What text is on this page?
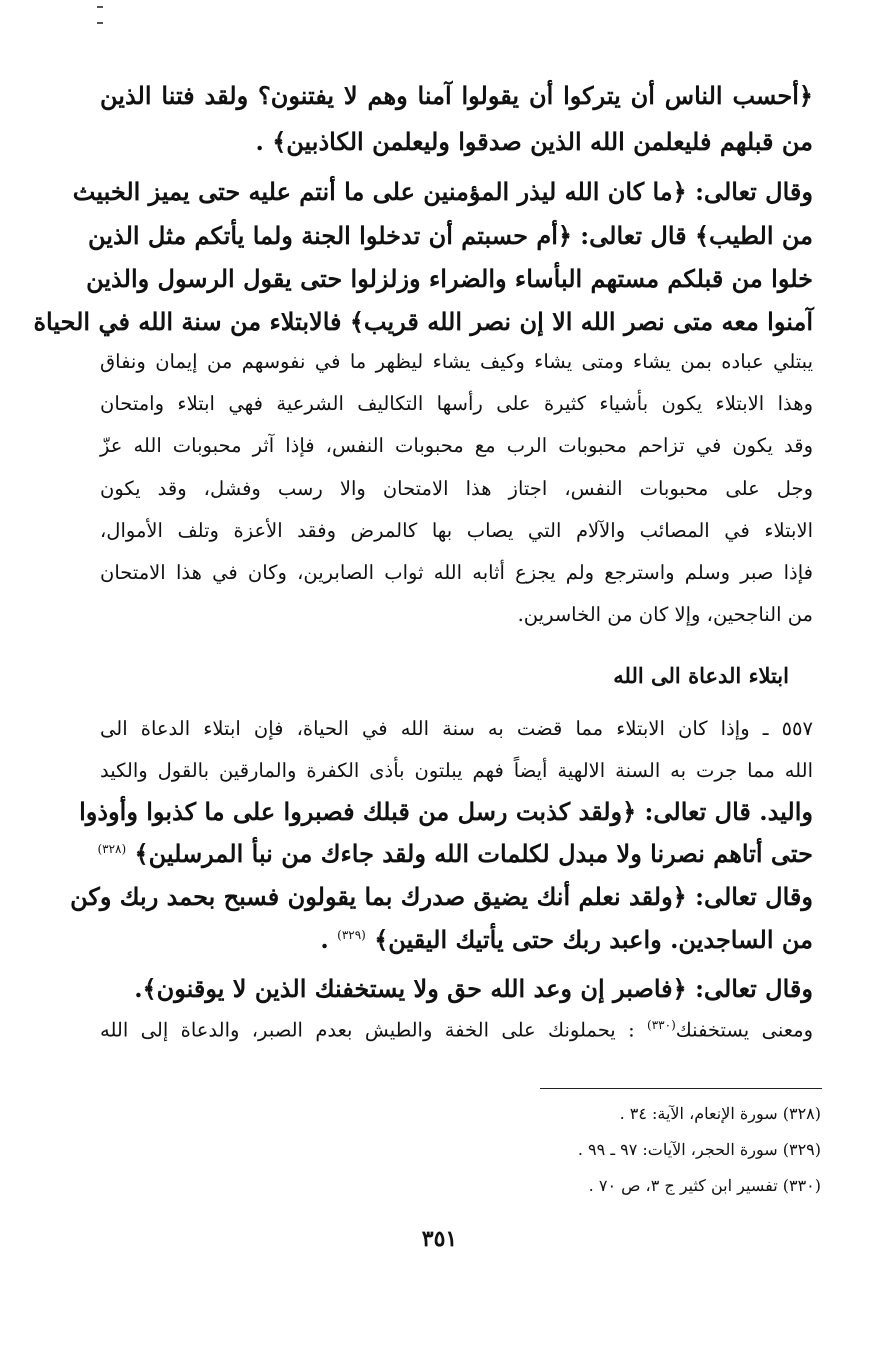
﴿أحسب الناس أن يتركوا أن يقولوا آمنا وهم لا يفتنون؟ ولقد فتنا الذين
من قبلهم فليعلمن الله الذين صدقوا وليعلمن الكاذبين﴾ .
وقال تعالى: ﴿ما كان الله ليذر المؤمنين على ما أنتم عليه حتى يميز الخبيث
من الطيب﴾ قال تعالى: ﴿أم حسبتم أن تدخلوا الجنة ولما يأتكم مثل الذين
خلوا من قبلكم مستهم البأساء والضراء وزلزلوا حتى يقول الرسول والذين
آمنوا معه متى نصر الله الا إن نصر الله قريب﴾ فالابتلاء من سنة الله في الحياة
يبتلي عباده بمن يشاء ومتى يشاء وكيف يشاء ليظهر ما في نفوسهم من إيمان ونفاق
وهذا الابتلاء يكون بأشياء كثيرة على رأسها التكاليف الشرعية فهي ابتلاء وامتحان
وقد يكون في تزاحم محبوبات الرب مع محبوبات النفس، فإذا آثر محبوبات الله عزّ
وجل على محبوبات النفس، اجتاز هذا الامتحان والا رسب وفشل، وقد يكون
الابتلاء في المصائب والآلام التي يصاب بها كالمرض وفقد الأعزة وتلف الأموال،
فإذا صبر وسلم واسترجع ولم يجزع أثابه الله ثواب الصابرين، وكان في هذا الامتحان
من الناجحين، وإلا كان من الخاسرين.
ابتلاء الدعاة الى الله
٥٥٧ ـ وإذا كان الابتلاء مما قضت به سنة الله في الحياة، فإن ابتلاء الدعاة الى
الله مما جرت به السنة الالهية أيضاً فهم يبلتون بأذى الكفرة والمارقين بالقول والكيد
واليد. قال تعالى: ﴿ولقد كذبت رسل من قبلك فصبروا على ما كذبوا وأوذوا
حتى أتاهم نصرنا ولا مبدل لكلمات الله ولقد جاءك من نبأ المرسلين﴾ $^{(٣٢٨)}$
وقال تعالى: ﴿ولقد نعلم أنك يضيق صدرك بما يقولون فسبح بحمد ربك وكن
من الساجدين. واعبد ربك حتى يأتيك اليقين﴾ $^{(٣٢٩)}$ .
وقال تعالى: ﴿فاصبر إن وعد الله حق ولا يستخفنك الذين لا يوقنون﴾.
ومعنى يستخفنك$^{(٣٣٠)}$ : يحملونك على الخفة والطيش بعدم الصبر، والدعاة إلى الله
(٣٢٨) سورة الإنعام، الآية: ٣٤ .
(٣٢٩) سورة الحجر، الآيات: ٩٧ ـ ٩٩ .
(٣٣٠) تفسير ابن كثير ج ٣، ص ٧٠ .
٣٥١
